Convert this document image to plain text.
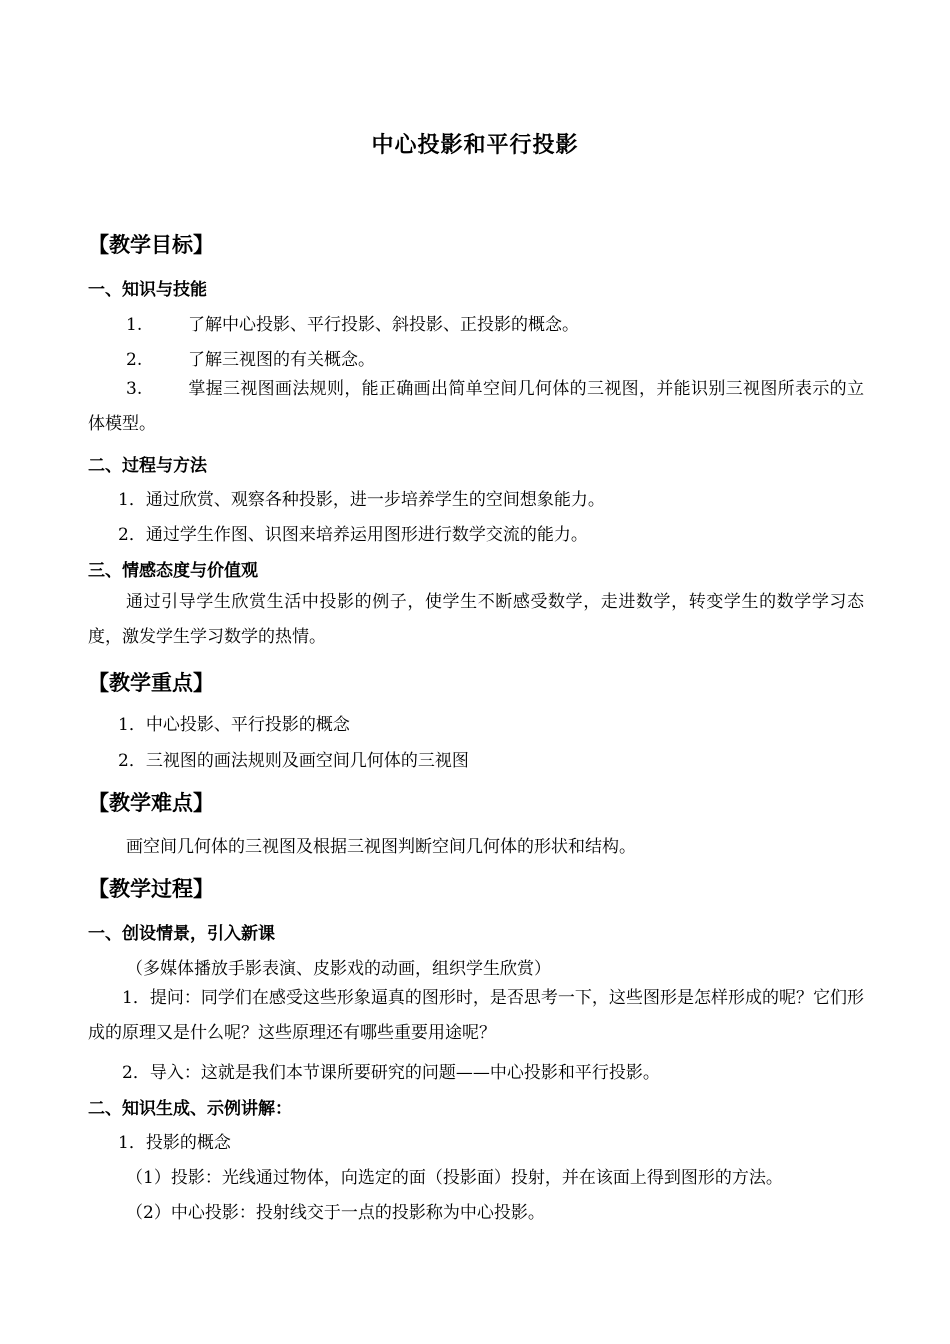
中心投影和平行投影
【教学目标】
一、知识与技能
1.	了解中心投影、平行投影、斜投影、正投影的概念。
2.	了解三视图的有关概念。
3.	掌握三视图画法规则，能正确画出简单空间几何体的三视图，并能识别三视图所表示的立体模型。
二、过程与方法
1．通过欣赏、观察各种投影，进一步培养学生的空间想象能力。
2．通过学生作图、识图来培养运用图形进行数学交流的能力。
三、情感态度与价值观
通过引导学生欣赏生活中投影的例子，使学生不断感受数学，走进数学，转变学生的数学学习态度，激发学生学习数学的热情。
【教学重点】
1．中心投影、平行投影的概念
2．三视图的画法规则及画空间几何体的三视图
【教学难点】
画空间几何体的三视图及根据三视图判断空间几何体的形状和结构。
【教学过程】
一、创设情景，引入新课
（多媒体播放手影表演、皮影戏的动画，组织学生欣赏）
1．提问：同学们在感受这些形象逼真的图形时，是否思考一下，这些图形是怎样形成的呢？它们形成的原理又是什么呢？这些原理还有哪些重要用途呢？
2．导入：这就是我们本节课所要研究的问题——中心投影和平行投影。
二、知识生成、示例讲解：
1．投影的概念
（1）投影：光线通过物体，向选定的面（投影面）投射，并在该面上得到图形的方法。
（2）中心投影：投射线交于一点的投影称为中心投影。
